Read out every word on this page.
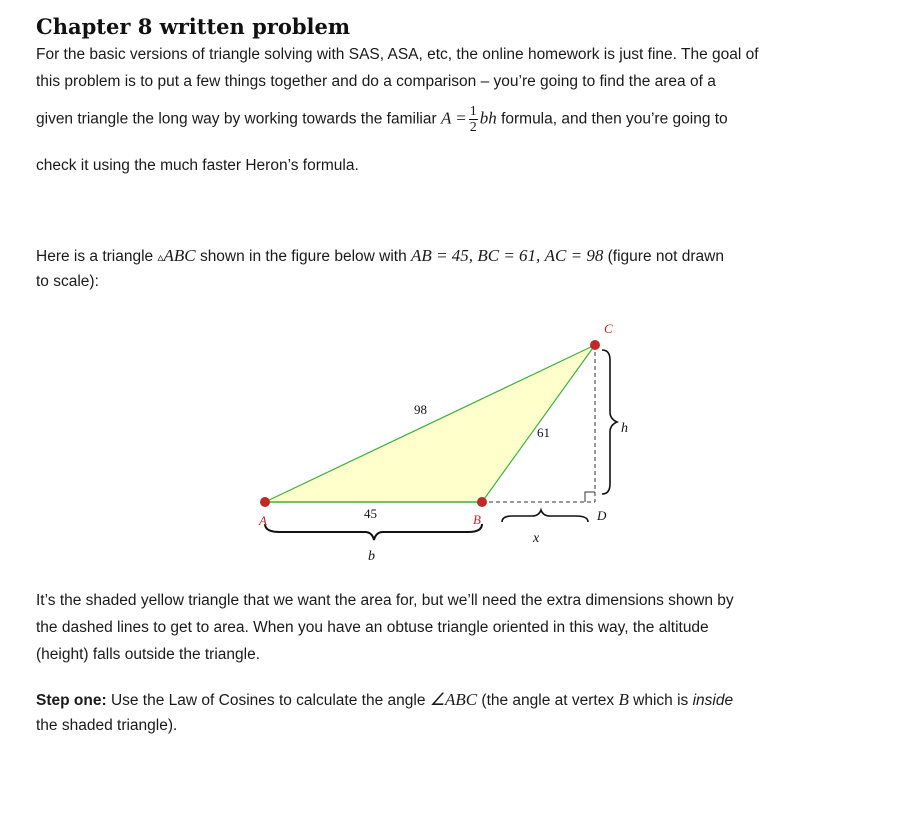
Chapter 8 written problem
For the basic versions of triangle solving with SAS, ASA, etc, the online homework is just fine. The goal of
this problem is to put a few things together and do a comparison – you’re going to find the area of a
given triangle the long way by working towards the familiar $A = \frac{1}{2}$ bh formula, and then you’re going to
check it using the much faster Heron’s formula.
Here is a triangle ▵ABC shown in the figure below with AB = 45, BC = 61, AC = 98 (figure not drawn
to scale):
A	B
C
D
45
98
61
b
x
h
It’s the shaded yellow triangle that we want the area for, but we’ll need the extra dimensions shown by
the dashed lines to get to area. When you have an obtuse triangle oriented in this way, the altitude
(height) falls outside the triangle.
Step one: Use the Law of Cosines to calculate the angle ∠ABC (the angle at vertex B which is inside
the shaded triangle).
